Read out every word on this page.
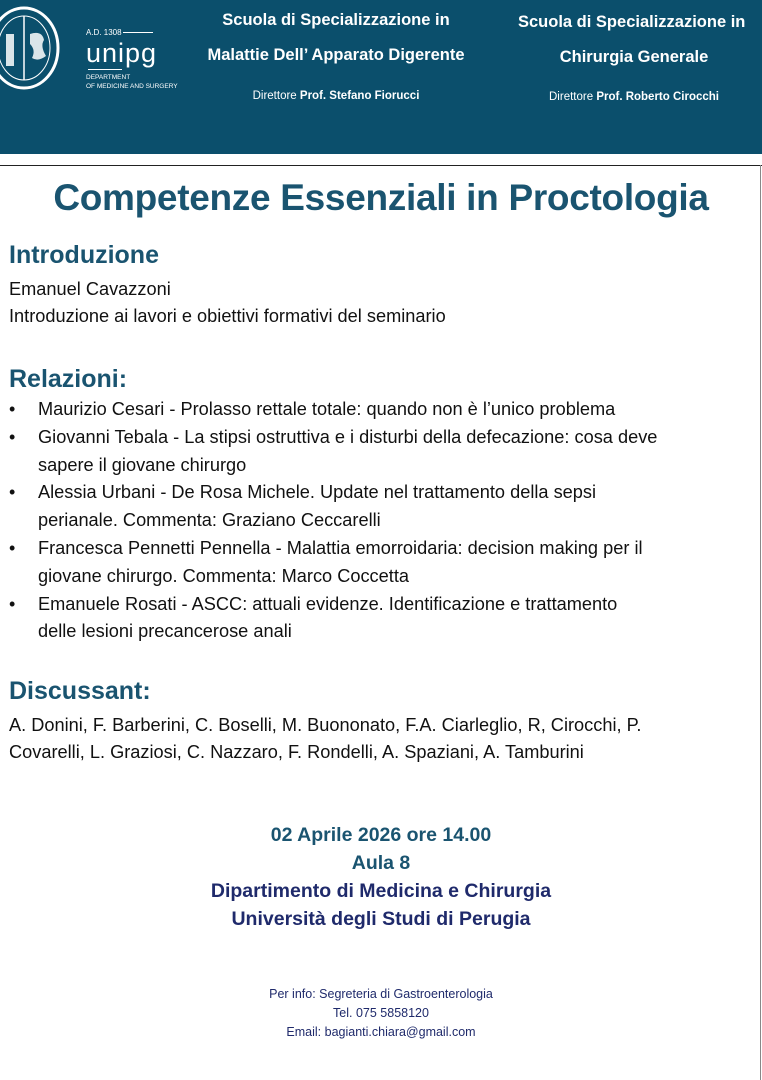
A.D. 1308
unipg
DEPARTMENT
OF MEDICINE AND SURGERY
Scuola di Specializzazione in
Malattie Dell’ Apparato Digerente
Direttore Prof. Stefano Fiorucci
Scuola di Specializzazione in
Chirurgia Generale
Direttore Prof. Roberto Cirocchi
Competenze Essenziali in Proctologia
Introduzione
Emanuel Cavazzoni
Introduzione ai lavori e obiettivi formativi del seminario
Relazioni:
• Maurizio Cesari - Prolasso rettale totale: quando non è l’unico problema
• Giovanni Tebala - La stipsi ostruttiva e i disturbi della defecazione: cosa deve
sapere il giovane chirurgo
• Alessia Urbani - De Rosa Michele. Update nel trattamento della sepsi
perianale. Commenta: Graziano Ceccarelli
• Francesca Pennetti Pennella - Malattia emorroidaria: decision making per il
giovane chirurgo. Commenta: Marco Coccetta
• Emanuele Rosati - ASCC: attuali evidenze. Identificazione e trattamento
delle lesioni precancerose anali
Discussant:
A. Donini, F. Barberini, C. Boselli, M. Buononato, F.A. Ciarleglio, R, Cirocchi, P.
Covarelli, L. Graziosi, C. Nazzaro, F. Rondelli, A. Spaziani, A. Tamburini
02 Aprile 2026 ore 14.00
Aula 8
Dipartimento di Medicina e Chirurgia
Università degli Studi di Perugia
Per info: Segreteria di Gastroenterologia
Tel. 075 5858120
Email: bagianti.chiara@gmail.com
